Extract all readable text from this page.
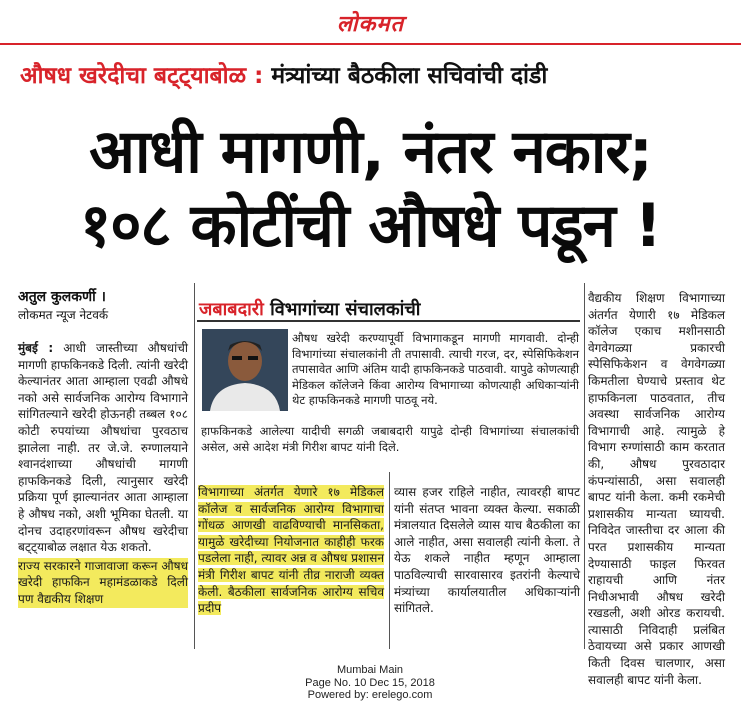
लोकमत
औषध खरेदीचा बट्ट्याबोळ : मंत्र्यांच्या बैठकीला सचिवांची दांडी
आधी मागणी, नंतर नकार;
१०८ कोटींची औषधे पडून !
अतुल कुलकर्णी ।
लोकमत न्यूज नेटवर्क
मुंबई : आधी जास्तीच्या औषधांची मागणी हाफकिनकडे दिली. त्यांनी खरेदी केल्यानंतर आता आम्हाला एवढी औषधे नको असे सार्वजनिक आरोग्य विभागाने सांगितल्याने खरेदी होऊनही तब्बल १०८ कोटी रुपयांच्या औषधांचा पुरवठाच झालेला नाही. तर जे.जे. रुग्णालयाने श्वानदंशाच्या औषधांची मागणी हाफकिनकडे दिली, त्यानुसार खरेदी प्रक्रिया पूर्ण झाल्यानंतर आता आम्हाला हे औषध नको, अशी भूमिका घेतली. या दोनच उदाहरणांवरून औषध खरेदीचा बट्ट्याबोळ लक्षात येऊ शकतो.
राज्य सरकारने गाजावाजा करून औषध खरेदी हाफकिन महामंडळाकडे दिली पण वैद्यकीय शिक्षण
जबाबदारी विभागांच्या संचालकांची
औषध खरेदी करण्यापूर्वी विभागाकडून मागणी मागवावी. दोन्ही विभागांच्या संचालकांनी ती तपासावी. त्याची गरज, दर, स्पेसिफिकेशन तपासावेत आणि अंतिम यादी हाफकिनकडे पाठवावी. यापुढे कोणत्याही मेडिकल कॉलेजने किंवा आरोग्य विभागाच्या कोणत्याही अधिकाऱ्यांनी थेट हाफकिनकडे मागणी पाठवू नये.
हाफकिनकडे आलेल्या यादीची सगळी जबाबदारी यापुढे दोन्ही विभागांच्या संचालकांची असेल, असे आदेश मंत्री गिरीश बापट यांनी दिले.
विभागाच्या अंतर्गत येणारे १७ मेडिकल कॉलेज व सार्वजनिक आरोग्य विभागाचा गोंधळ आणखी वाढविण्याची मानसिकता, यामुळे खरेदीच्या नियोजनात काहीही फरक पडलेला नाही, त्यावर अन्न व औषध प्रशासन मंत्री गिरीश बापट यांनी तीव्र नाराजी व्यक्त केली. बैठकीला सार्वजनिक आरोग्य सचिव प्रदीप
व्यास हजर राहिले नाहीत, त्यावरही बापट यांनी संतप्त भावना व्यक्त केल्या. सकाळी मंत्रालयात दिसलेले व्यास याच बैठकीला का आले नाहीत, असा सवालही त्यांनी केला. ते येऊ शकले नाहीत म्हणून आम्हाला पाठविल्याची सारवासारव इतरांनी केल्याचे मंत्र्यांच्या कार्यालयातील अधिकाऱ्यांनी सांगितले.
वैद्यकीय शिक्षण विभागाच्या अंतर्गत येणारी १७ मेडिकल कॉलेज एकाच मशीनसाठी वेगवेगळ्या प्रकारची स्पेसिफिकेशन व वेगवेगळ्या किमतीला घेण्याचे प्रस्ताव थेट हाफकिनला पाठवतात, तीच अवस्था सार्वजनिक आरोग्य विभागाची आहे. त्यामुळे हे विभाग रुग्णांसाठी काम करतात की, औषध पुरवठादार कंपन्यांसाठी, असा सवालही बापट यांनी केला. कमी रकमेची प्रशासकीय मान्यता घ्यायची. निविदेत जास्तीचा दर आला की परत प्रशासकीय मान्यता देण्यासाठी फाइल फिरवत राहायची आणि नंतर निधीअभावी औषध खरेदी रखडली, अशी ओरड करायची. त्यासाठी निविदाही प्रलंबित ठेवायच्या असे प्रकार आणखी किती दिवस चालणार, असा सवालही बापट यांनी केला.
Mumbai Main
Page No. 10 Dec 15, 2018
Powered by: erelego.com
